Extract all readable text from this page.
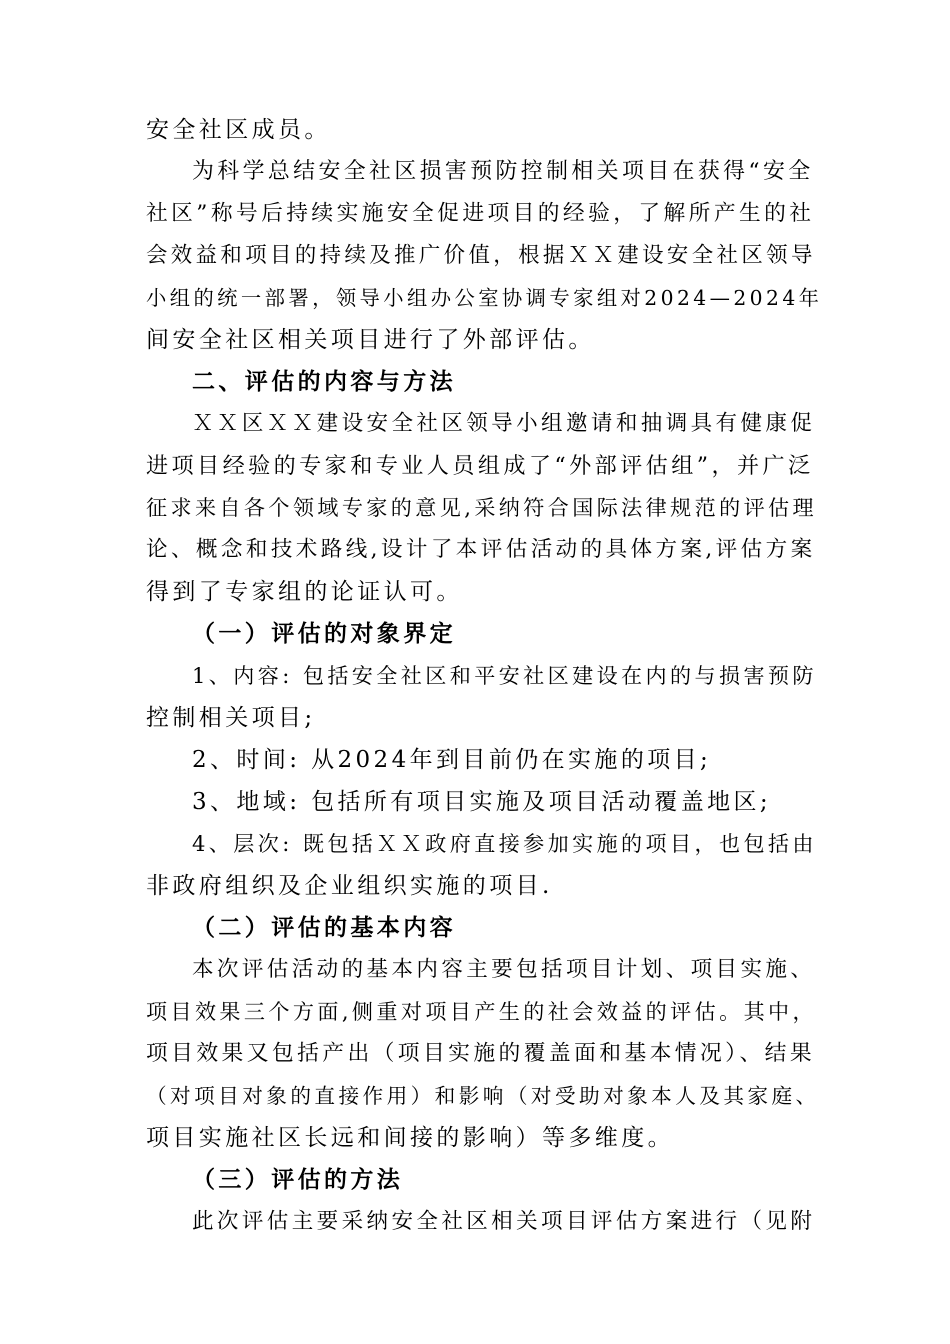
安全社区成员。
为科学总结安全社区损害预防控制相关项目在获得“安全
社区”称号后持续实施安全促进项目的经验，了解所产生的社
会效益和项目的持续及推广价值，根据ＸＸ建设安全社区领导
小组的统一部署，领导小组办公室协调专家组对2024—2024年
间安全社区相关项目进行了外部评估。
二、评估的内容与方法
ＸＸ区ＸＸ建设安全社区领导小组邀请和抽调具有健康促
进项目经验的专家和专业人员组成了“外部评估组”，并广泛
征求来自各个领域专家的意见,采纳符合国际法律规范的评估理
论、概念和技术路线,设计了本评估活动的具体方案,评估方案
得到了专家组的论证认可。
（一）评估的对象界定
1、内容: 包括安全社区和平安社区建设在内的与损害预防
控制相关项目;
2、时间: 从2024年到目前仍在实施的项目;
3、地域: 包括所有项目实施及项目活动覆盖地区;
4、层次: 既包括ＸＸ政府直接参加实施的项目，也包括由
非政府组织及企业组织实施的项目.
（二）评估的基本内容
本次评估活动的基本内容主要包括项目计划、项目实施、
项目效果三个方面,侧重对项目产生的社会效益的评估。其中，
项目效果又包括产出（项目实施的覆盖面和基本情况）、结果
（对项目对象的直接作用）和影响（对受助对象本人及其家庭、
项目实施社区长远和间接的影响）等多维度。
（三）评估的方法
此次评估主要采纳安全社区相关项目评估方案进行（见附
